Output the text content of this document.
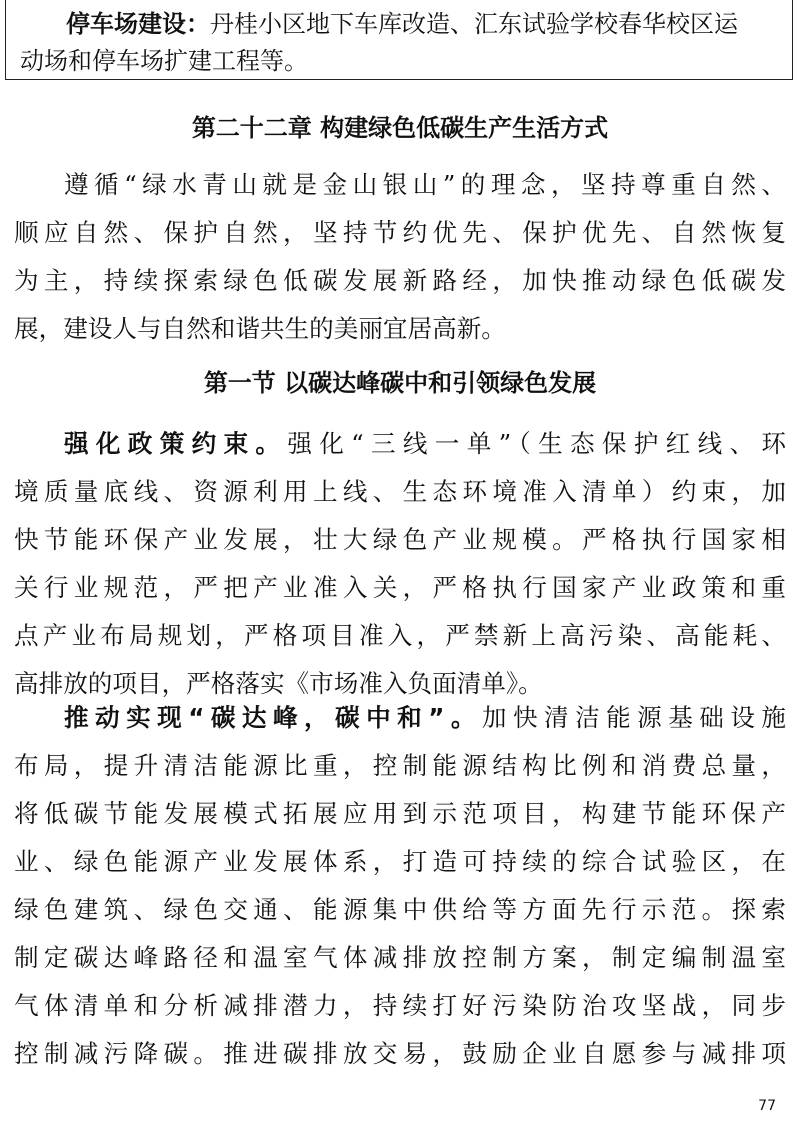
停车场建设：丹桂小区地下车库改造、汇东试验学校春华校区运

动场和停车场扩建工程等。

第二十二章 构建绿色低碳生产生活方式
遵循“绿水青山就是金山银山”的理念，坚持尊重自然、
顺应自然、保护自然，坚持节约优先、保护优先、自然恢复
为主，持续探索绿色低碳发展新路经，加快推动绿色低碳发
展，建设人与自然和谐共生的美丽宜居高新。
第一节 以碳达峰碳中和引领绿色发展
强化政策约束。强化“三线一单”（生态保护红线、环
境质量底线、资源利用上线、生态环境准入清单）约束，加
快节能环保产业发展，壮大绿色产业规模。严格执行国家相
关行业规范，严把产业准入关，严格执行国家产业政策和重
点产业布局规划，严格项目准入，严禁新上高污染、高能耗、
高排放的项目，严格落实《市场准入负面清单》。
推动实现“碳达峰，碳中和”。加快清洁能源基础设施
布局，提升清洁能源比重，控制能源结构比例和消费总量，
将低碳节能发展模式拓展应用到示范项目，构建节能环保产
业、绿色能源产业发展体系，打造可持续的综合试验区，在
绿色建筑、绿色交通、能源集中供给等方面先行示范。探索
制定碳达峰路径和温室气体减排放控制方案，制定编制温室
气体清单和分析减排潜力，持续打好污染防治攻坚战，同步
控制减污降碳。推进碳排放交易，鼓励企业自愿参与减排项
77
